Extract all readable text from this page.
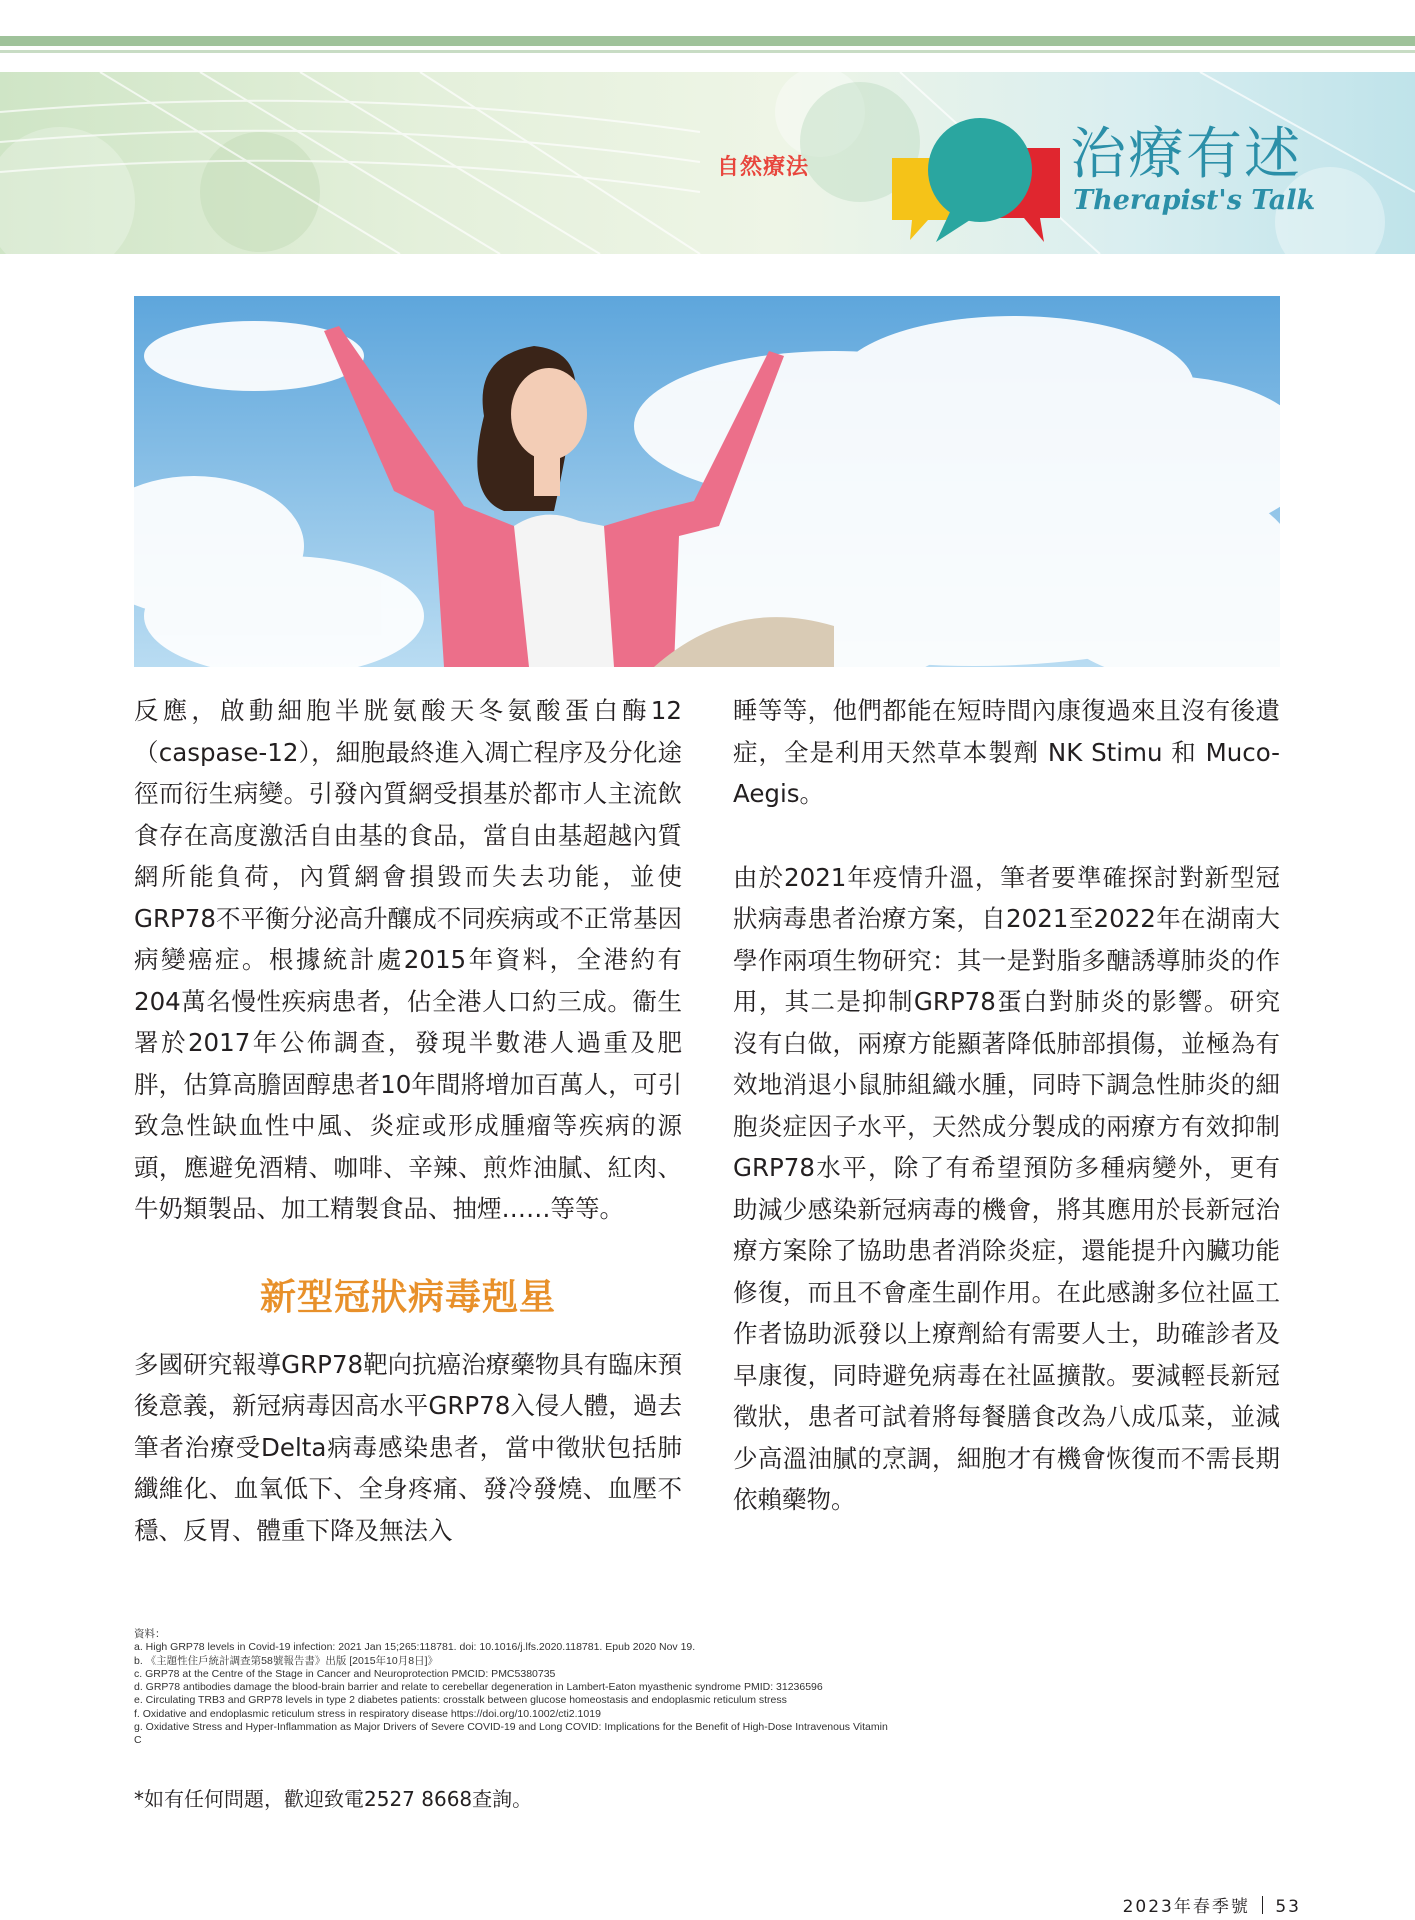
自然療法	治療有述
Therapist's Talk

反應，啟動細胞半胱氨酸天冬氨酸蛋白酶12（caspase-12），細胞最終進入凋亡程序及分化途徑而衍生病變。引發內質網受損基於都市人主流飲食存在高度激活自由基的食品，當自由基超越內質網所能負荷，內質網會損毀而失去功能，並使GRP78不平衡分泌高升釀成不同疾病或不正常基因病變癌症。根據統計處2015年資料，全港約有204萬名慢性疾病患者，佔全港人口約三成。衞生署於2017年公佈調查，發現半數港人過重及肥胖，估算高膽固醇患者10年間將增加百萬人，可引致急性缺血性中風、炎症或形成腫瘤等疾病的源頭，應避免酒精、咖啡、辛辣、煎炸油膩、紅肉、牛奶類製品、加工精製食品、抽煙……等等。

新型冠狀病毒剋星

多國研究報導GRP78靶向抗癌治療藥物具有臨床預後意義，新冠病毒因高水平GRP78入侵人體，過去筆者治療受Delta病毒感染患者，當中徵狀包括肺纖維化、血氧低下、全身疼痛、發冷發燒、血壓不穩、反胃、體重下降及無法入

睡等等，他們都能在短時間內康復過來且沒有後遺症，全是利用天然草本製劑 NK Stimu 和 Muco-Aegis。

由於2021年疫情升溫，筆者要準確探討對新型冠狀病毒患者治療方案，自2021至2022年在湖南大學作兩項生物研究：其一是對脂多醣誘導肺炎的作用，其二是抑制GRP78蛋白對肺炎的影響。研究沒有白做，兩療方能顯著降低肺部損傷，並極為有效地消退小鼠肺組織水腫，同時下調急性肺炎的細胞炎症因子水平，天然成分製成的兩療方有效抑制GRP78水平，除了有希望預防多種病變外，更有助減少感染新冠病毒的機會，將其應用於長新冠治療方案除了協助患者消除炎症，還能提升內臟功能修復，而且不會產生副作用。在此感謝多位社區工作者協助派發以上療劑給有需要人士，助確診者及早康復，同時避免病毒在社區擴散。要減輕長新冠徵狀，患者可試着將每餐膳食改為八成瓜菜，並減少高溫油膩的烹調，細胞才有機會恢復而不需長期依賴藥物。

資料：
a. High GRP78 levels in Covid-19 infection: 2021 Jan 15;265:118781. doi: 10.1016/j.lfs.2020.118781. Epub 2020 Nov 19.
b. 《主題性住戶統計調查第58號報告書》出版 [2015年10月8日]》
c. GRP78 at the Centre of the Stage in Cancer and Neuroprotection PMCID: PMC5380735
d. GRP78 antibodies damage the blood-brain barrier and relate to cerebellar degeneration in Lambert-Eaton myasthenic syndrome PMID: 31236596
e. Circulating TRB3 and GRP78 levels in type 2 diabetes patients: crosstalk between glucose homeostasis and endoplasmic reticulum stress
f. Oxidative and endoplasmic reticulum stress in respiratory disease https://doi.org/10.1002/cti2.1019
g. Oxidative Stress and Hyper-Inflammation as Major Drivers of Severe COVID-19 and Long COVID: Implications for the Benefit of High-Dose Intravenous Vitamin C
*如有任何問題，歡迎致電2527 8668查詢。
2023年春季號 53
